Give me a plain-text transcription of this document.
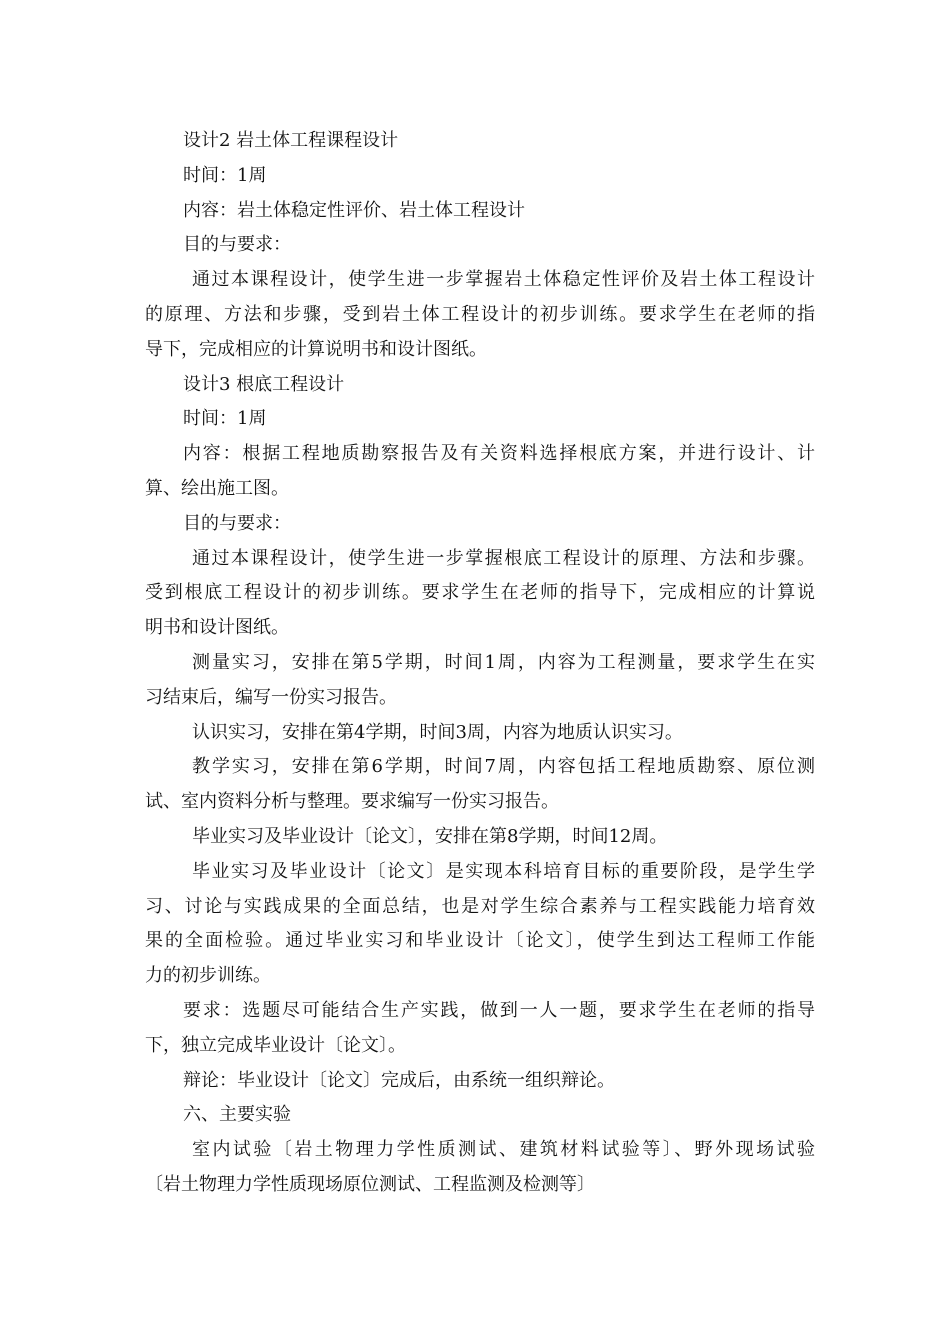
设计2 岩土体工程课程设计
时间：1周
内容：岩土体稳定性评价、岩土体工程设计
目的与要求：
通过本课程设计，使学生进一步掌握岩土体稳定性评价及岩土体工程设计
的原理、方法和步骤，受到岩土体工程设计的初步训练。要求学生在老师的指
导下，完成相应的计算说明书和设计图纸。
设计3 根底工程设计
时间：1周
内容：根据工程地质勘察报告及有关资料选择根底方案，并进行设计、计
算、绘出施工图。
目的与要求：
通过本课程设计，使学生进一步掌握根底工程设计的原理、方法和步骤。
受到根底工程设计的初步训练。要求学生在老师的指导下，完成相应的计算说
明书和设计图纸。
测量实习，安排在第5学期，时间1周，内容为工程测量，要求学生在实
习结束后，编写一份实习报告。
认识实习，安排在第4学期，时间3周，内容为地质认识实习。
教学实习，安排在第6学期，时间7周，内容包括工程地质勘察、原位测
试、室内资料分析与整理。要求编写一份实习报告。
毕业实习及毕业设计〔论文〕，安排在第8学期，时间12周。
毕业实习及毕业设计〔论文〕是实现本科培育目标的重要阶段，是学生学
习、讨论与实践成果的全面总结，也是对学生综合素养与工程实践能力培育效
果的全面检验。通过毕业实习和毕业设计〔论文〕，使学生到达工程师工作能
力的初步训练。
要求：选题尽可能结合生产实践，做到一人一题，要求学生在老师的指导
下，独立完成毕业设计〔论文〕。
辩论：毕业设计〔论文〕完成后，由系统一组织辩论。
六、主要实验
室内试验〔岩土物理力学性质测试、建筑材料试验等〕、野外现场试验
〔岩土物理力学性质现场原位测试、工程监测及检测等〕
